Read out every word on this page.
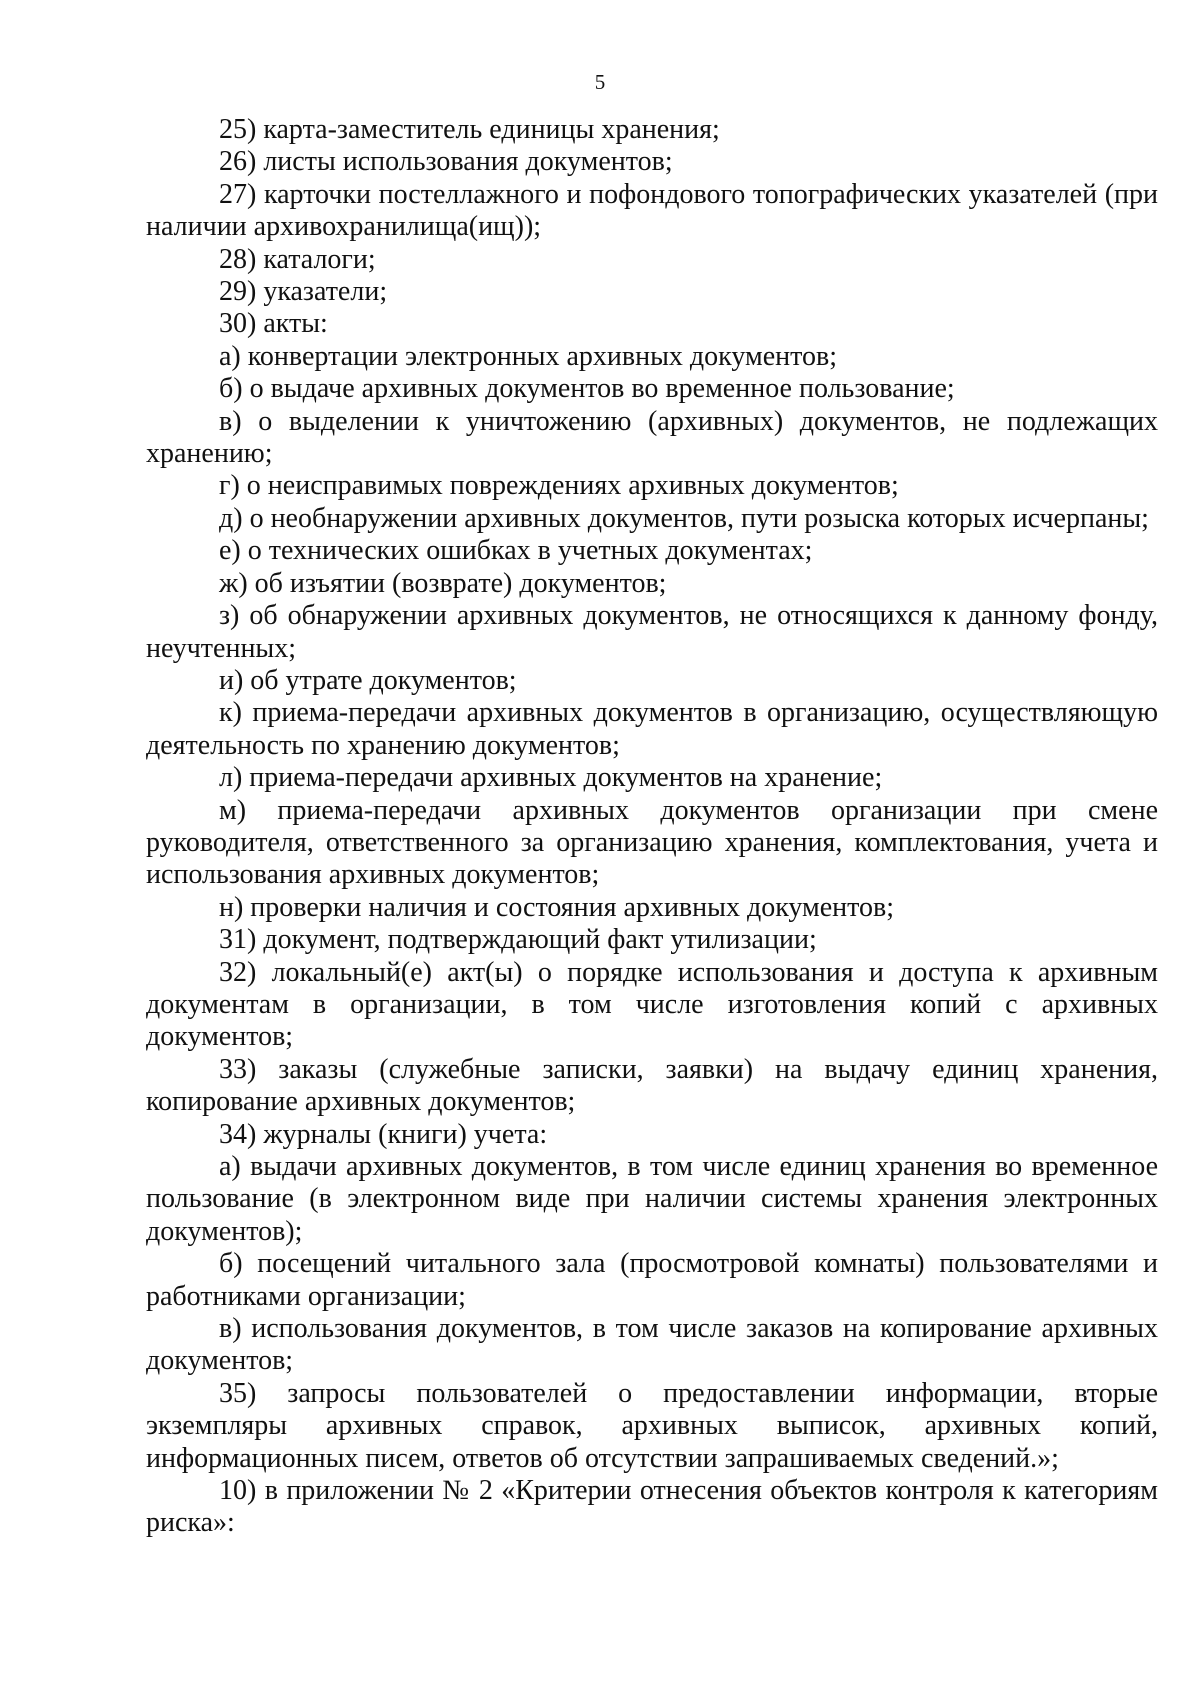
5

25) карта-заместитель единицы хранения;

26) листы использования документов;

27) карточки постеллажного и пофондового топографических указателей (при наличии архивохранилища(ищ));

28) каталоги;

29) указатели;

30) акты:

а) конвертации электронных архивных документов;

б) о выдаче архивных документов во временное пользование;

в) о выделении к уничтожению (архивных) документов, не подлежащих хранению;

г) о неисправимых повреждениях архивных документов;

д) о необнаружении архивных документов, пути розыска которых исчерпаны;

е) о технических ошибках в учетных документах;

ж) об изъятии (возврате) документов;

з) об обнаружении архивных документов, не относящихся к данному фонду, неучтенных;

и) об утрате документов;

к) приема-передачи архивных документов в организацию, осуществляющую деятельность по хранению документов;

л) приема-передачи архивных документов на хранение;

м) приема-передачи архивных документов организации при смене руководителя, ответственного за организацию хранения, комплектования, учета и использования архивных документов;

н) проверки наличия и состояния архивных документов;

31) документ, подтверждающий факт утилизации;

32) локальный(е) акт(ы) о порядке использования и доступа к архивным документам в организации, в том числе изготовления копий с архивных документов;

33) заказы (служебные записки, заявки) на выдачу единиц хранения, копирование архивных документов;

34) журналы (книги) учета:

а) выдачи архивных документов, в том числе единиц хранения во временное пользование (в электронном виде при наличии системы хранения электронных документов);

б) посещений читального зала (просмотровой комнаты) пользователями и работниками организации;

в) использования документов, в том числе заказов на копирование архивных документов;

35) запросы пользователей о предоставлении информации, вторые экземпляры архивных справок, архивных выписок, архивных копий, информационных писем, ответов об отсутствии запрашиваемых сведений.»;

10) в приложении № 2 «Критерии отнесения объектов контроля к категориям риска»:
